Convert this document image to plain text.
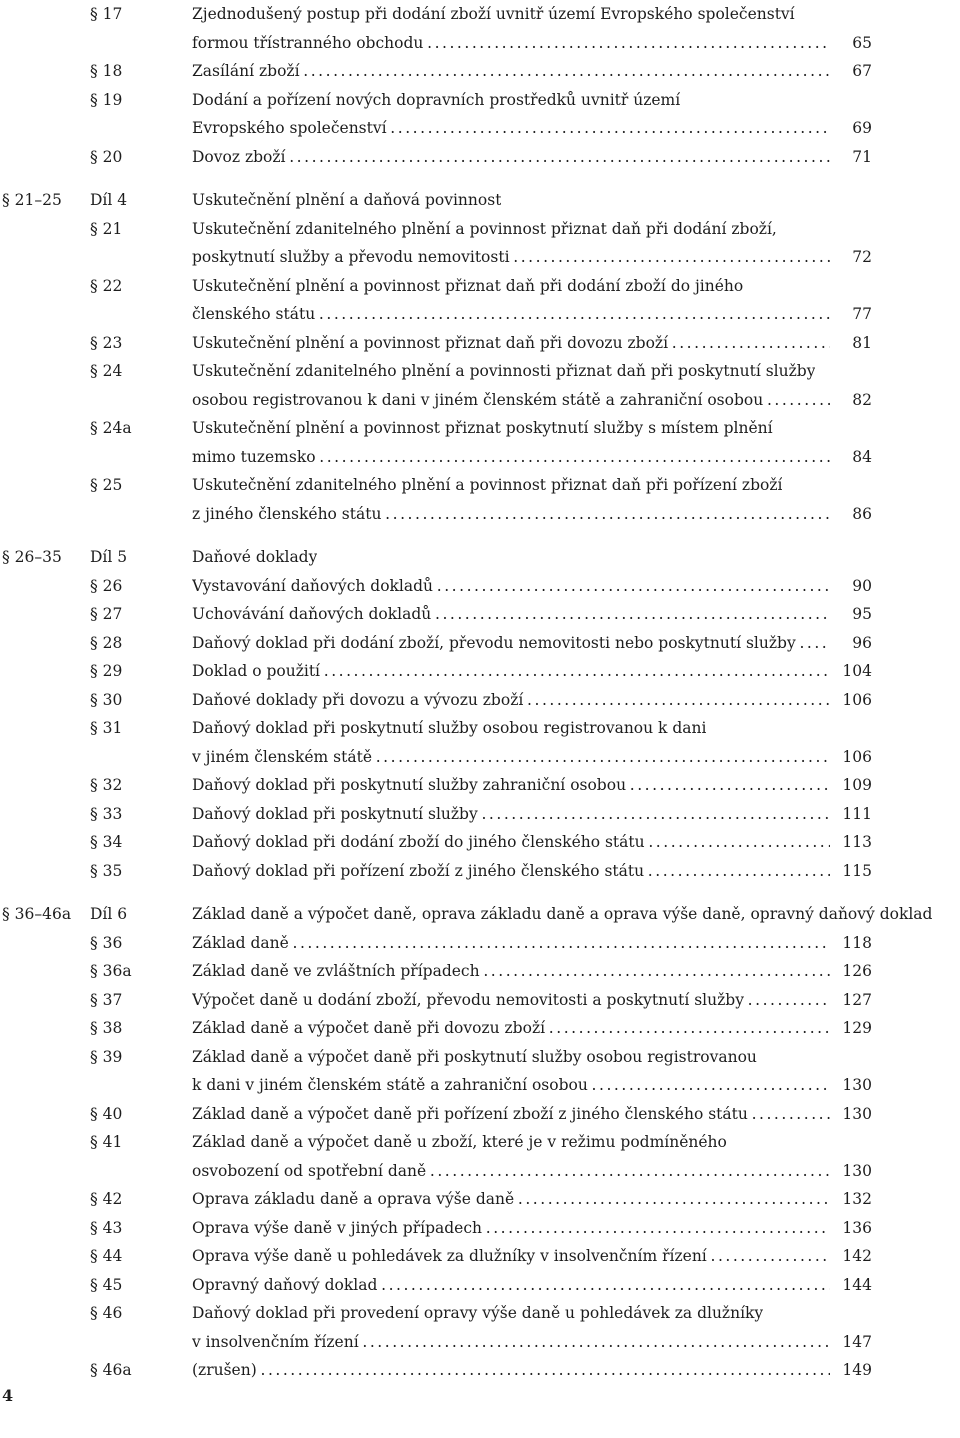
§ 17	Zjednodušený postup při dodání zboží uvnitř území Evropského společenství
formou třístranného obchodu . . .	65
§ 18	Zasílání zboží . . .	67
§ 19	Dodání a pořízení nových dopravních prostředků uvnitř území
Evropského společenství . . .	69
§ 20	Dovoz zboží . . .	71
§ 21–25 Díl 4	Uskutečnění plnění a daňová povinnost
§ 21	Uskutečnění zdanitelného plnění a povinnost přiznat daň při dodání zboží,
poskytnutí služby a převodu nemovitosti . . .	72
§ 22	Uskutečnění plnění a povinnost přiznat daň při dodání zboží do jiného
členského státu . . .	77
§ 23	Uskutečnění plnění a povinnost přiznat daň při dovozu zboží . . .	81
§ 24	Uskutečnění zdanitelného plnění a povinnosti přiznat daň při poskytnutí služby
osobou registrovanou k dani v jiném členském státě a zahraniční osobou . . .	82
§ 24a	Uskutečnění plnění a povinnost přiznat poskytnutí služby s místem plnění
mimo tuzemsko . . .	84
§ 25	Uskutečnění zdanitelného plnění a povinnost přiznat daň při pořízení zboží
z jiného členského státu . . .	86
§ 26–35 Díl 5	Daňové doklady
§ 26	Vystavování daňových dokladů . . .	90
§ 27	Uchovávání daňových dokladů . . .	95
§ 28	Daňový doklad při dodání zboží, převodu nemovitosti nebo poskytnutí služby . . .	96
§ 29	Doklad o použití . . .	104
§ 30	Daňové doklady při dovozu a vývozu zboží . . .	106
§ 31	Daňový doklad při poskytnutí služby osobou registrovanou k dani
v jiném členském státě . . .	106
§ 32	Daňový doklad při poskytnutí služby zahraniční osobou . . .	109
§ 33	Daňový doklad při poskytnutí služby . . .	111
§ 34	Daňový doklad při dodání zboží do jiného členského státu . . .	113
§ 35	Daňový doklad při pořízení zboží z jiného členského státu . . .	115
§ 36–46a Díl 6	Základ daně a výpočet daně, oprava základu daně a oprava výše daně, opravný daňový doklad
§ 36	Základ daně . . .	118
§ 36a	Základ daně ve zvláštních případech . . .	126
§ 37	Výpočet daně u dodání zboží, převodu nemovitosti a poskytnutí služby . . .	127
§ 38	Základ daně a výpočet daně při dovozu zboží . . .	129
§ 39	Základ daně a výpočet daně při poskytnutí služby osobou registrovanou
k dani v jiném členském státě a zahraniční osobou . . .	130
§ 40	Základ daně a výpočet daně při pořízení zboží z jiného členského státu . . .	130
§ 41	Základ daně a výpočet daně u zboží, které je v režimu podmíněného
osvobození od spotřební daně . . .	130
§ 42	Oprava základu daně a oprava výše daně . . .	132
§ 43	Oprava výše daně v jiných případech . . .	136
§ 44	Oprava výše daně u pohledávek za dlužníky v insolvenčním řízení . . .	142
§ 45	Opravný daňový doklad . . .	144
§ 46	Daňový doklad při provedení opravy výše daně u pohledávek za dlužníky
v insolvenčním řízení . . .	147
§ 46a	(zrušen) . . .	149
4
